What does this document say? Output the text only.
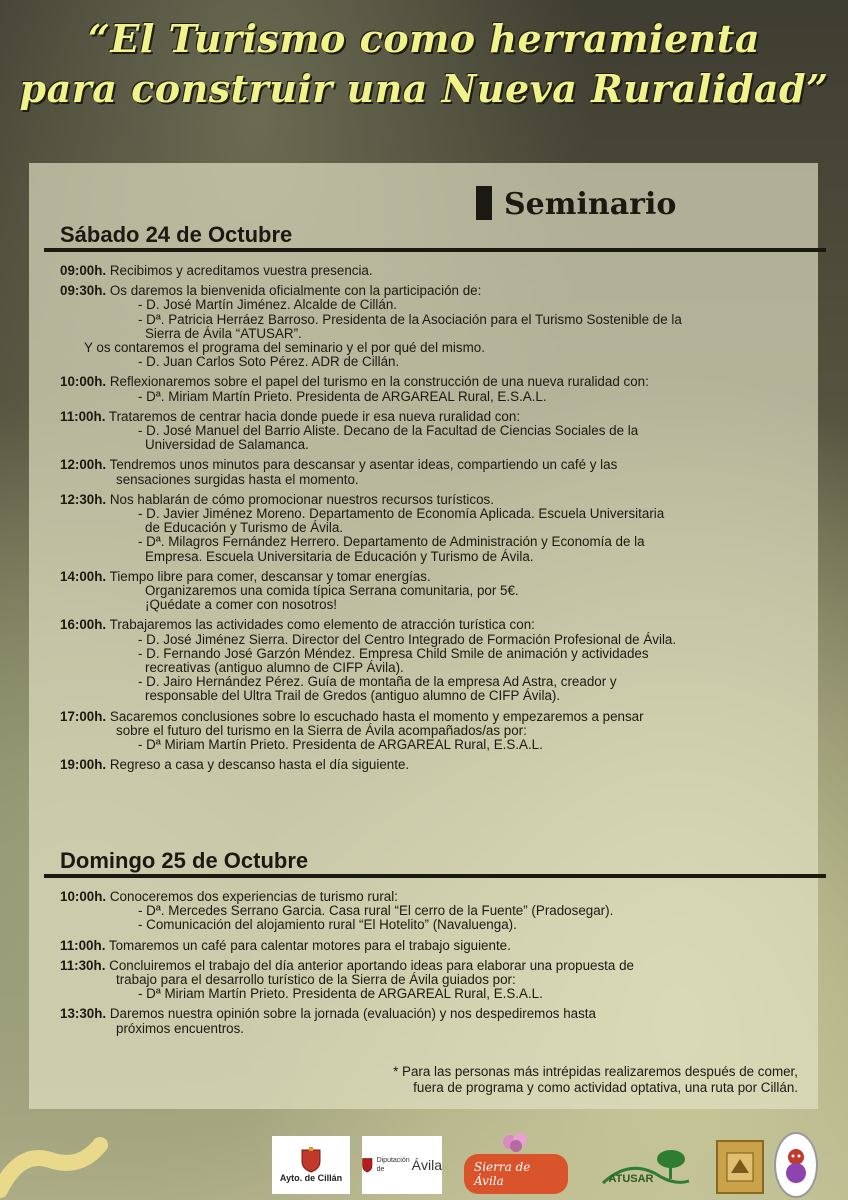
“El Turismo como herramienta
para construir una Nueva Ruralidad”
Seminario
Sábado 24 de Octubre
09:00h. Recibimos y acreditamos vuestra presencia.
09:30h. Os daremos la bienvenida oficialmente con la participación de:
- D. José Martín Jiménez. Alcalde de Cillán.
- Dª. Patricia Herráez Barroso. Presidenta de la Asociación para el Turismo Sostenible de la
Sierra de Ávila “ATUSAR”.
Y os contaremos el programa del seminario y el por qué del mismo.
- D. Juan Carlos Soto Pérez. ADR de Cillán.
10:00h. Reflexionaremos sobre el papel del turismo en la construcción de una nueva ruralidad con:
- Dª. Miriam Martín Prieto. Presidenta de ARGAREAL Rural, E.S.A.L.
11:00h. Trataremos de centrar hacia donde puede ir esa nueva ruralidad con:
- D. José Manuel del Barrio Aliste. Decano de la Facultad de Ciencias Sociales de la
Universidad de Salamanca.
12:00h. Tendremos unos minutos para descansar y asentar ideas, compartiendo un café y las
sensaciones surgidas hasta el momento.
12:30h. Nos hablarán de cómo promocionar nuestros recursos turísticos.
- D. Javier Jiménez Moreno. Departamento de Economía Aplicada. Escuela Universitaria
de Educación y Turismo de Ávila.
- Dª. Milagros Fernández Herrero. Departamento de Administración y Economía de la
Empresa. Escuela Universitaria de Educación y Turismo de Ávila.
14:00h. Tiempo libre para comer, descansar y tomar energías.
Organizaremos una comida típica Serrana comunitaria, por 5€.
¡Quédate a comer con nosotros!
16:00h. Trabajaremos las actividades como elemento de atracción turística con:
- D. José Jiménez Sierra. Director del Centro Integrado de Formación Profesional de Ávila.
- D. Fernando José Garzón Méndez. Empresa Child Smile de animación y actividades
recreativas (antiguo alumno de CIFP Ávila).
- D. Jairo Hernández Pérez. Guía de montaña de la empresa Ad Astra, creador y
responsable del Ultra Trail de Gredos (antiguo alumno de CIFP Ávila).
17:00h. Sacaremos conclusiones sobre lo escuchado hasta el momento y empezaremos a pensar
sobre el futuro del turismo en la Sierra de Ávila acompañados/as por:
- Dª Miriam Martín Prieto. Presidenta de ARGAREAL Rural, E.S.A.L.
19:00h. Regreso a casa y descanso hasta el día siguiente.
Domingo 25 de Octubre
10:00h. Conoceremos dos experiencias de turismo rural:
- Dª. Mercedes Serrano Garcia. Casa rural “El cerro de la Fuente” (Pradosegar).
- Comunicación del alojamiento rural “El Hotelito” (Navaluenga).
11:00h. Tomaremos un café para calentar motores para el trabajo siguiente.
11:30h. Concluiremos el trabajo del día anterior aportando ideas para elaborar una propuesta de
trabajo para el desarrollo turístico de la Sierra de Ávila guiados por:
- Dª Miriam Martín Prieto. Presidenta de ARGAREAL Rural, E.S.A.L.
13:30h. Daremos nuestra opinión sobre la jornada (evaluación) y nos despediremos hasta
próximos encuentros.
* Para las personas más intrépidas realizaremos después de comer,
fuera de programa y como actividad optativa, una ruta por Cillán.
Ayto. de Cillán
Diputación
de	Ávila	Sierra de Ávila	ATUSAR
